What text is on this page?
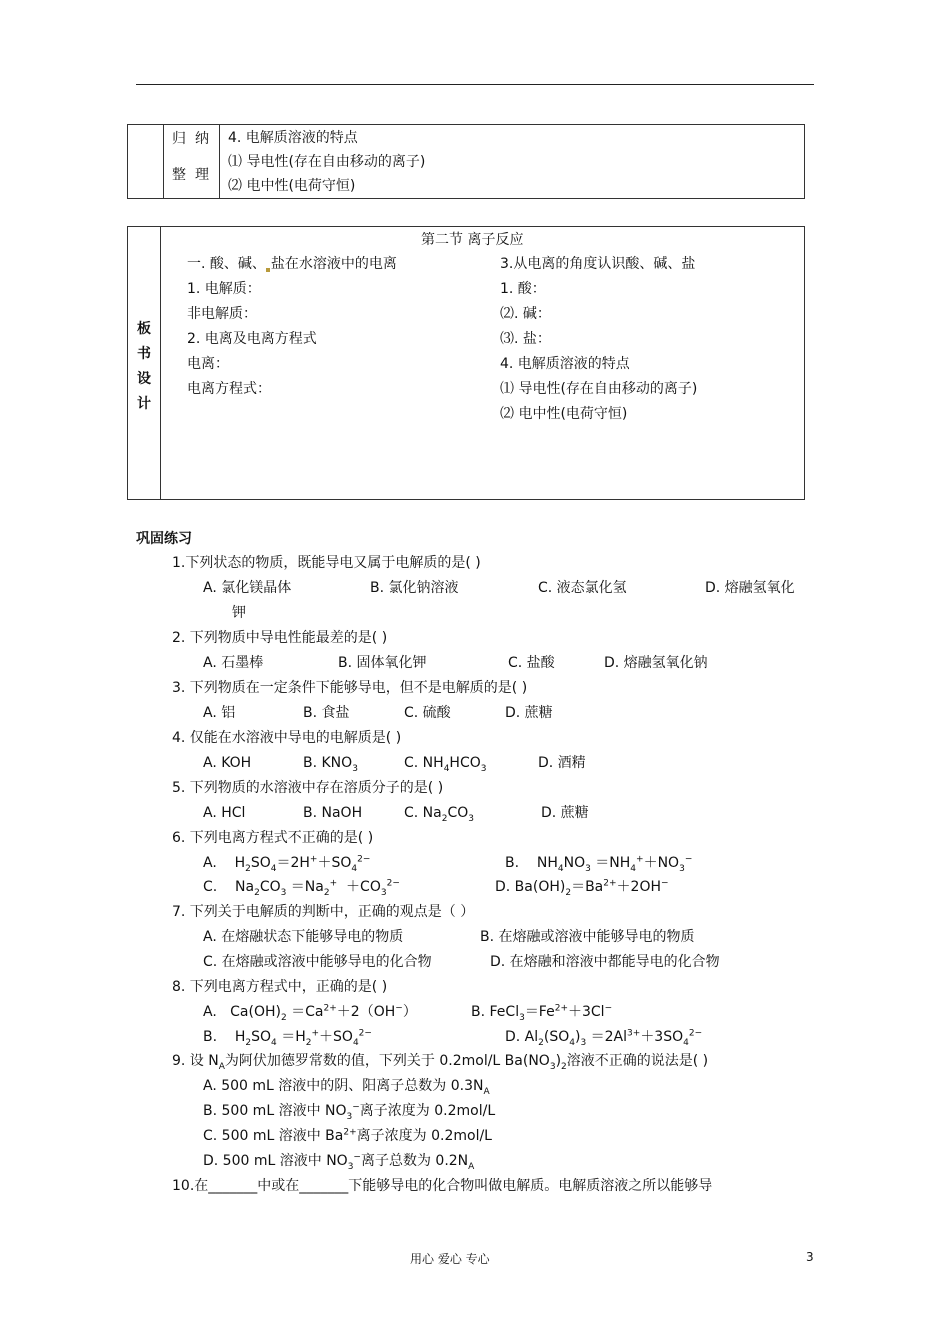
归纳
整理
4. 电解质溶液的特点
⑴ 导电性(存在自由移动的离子)
⑵ 电中性(电荷守恒)
板
书
设
计
第二节 离子反应
一. 酸、碱、 盐在水溶液中的电离
1. 电解质：
非电解质：
2. 电离及电离方程式
电离：
电离方程式：
3.从电离的角度认识酸、碱、盐
1. 酸：
⑵. 碱：
⑶. 盐：
4. 电解质溶液的特点
⑴ 导电性(存在自由移动的离子)
⑵ 电中性(电荷守恒)
巩固练习
1.下列状态的物质，既能导电又属于电解质的是( )
A. 氯化镁晶体	B. 氯化钠溶液	C. 液态氯化氢	D. 熔融氢氧化
钾
2. 下列物质中导电性能最差的是( )
A. 石墨棒	B. 固体氧化钾	C. 盐酸	D. 熔融氢氧化钠
3. 下列物质在一定条件下能够导电，但不是电解质的是( )
A. 铝	B. 食盐	C. 硫酸	D. 蔗糖
4. 仅能在水溶液中导电的电解质是( )
A. KOH	B. $KNO_3$	C. $NH_4HCO_3$	D. 酒精
5. 下列物质的水溶液中存在溶质分子的是( )
A. HCl	B. NaOH	C. $Na_2CO_3$	D. 蔗糖
6. 下列电离方程式不正确的是( )
A.    $H_2SO_4=2H^++SO_4^{2-}$	B.    $NH_4NO_3 =NH_4^++NO_3^-$
C.    $Na_2CO_3 =Na_2^+ +CO_3^{2-}$	D. $Ba(OH)_2=Ba^{2+}+2OH^-$
7. 下列关于电解质的判断中，正确的观点是（ ）
A. 在熔融状态下能够导电的物质	B. 在熔融或溶液中能够导电的物质
C. 在熔融或溶液中能够导电的化合物	D. 在熔融和溶液中都能导电的化合物
8. 下列电离方程式中，正确的是( )
A.   $Ca(OH)_2 =Ca^{2+}+2(OH^-)$	B. $FeCl_3=Fe^{2+}+3Cl^-$
B.    $H_2SO_4 =H_2^++SO_4^{2-}$	D. $Al_2(SO_4)_3 =2Al^{3+}+3SO_4^{2-}$
9. 设 $N_A$为阿伏加德罗常数的值，下列关于 0.2mol/L $Ba(NO_3)_2$溶液不正确的说法是( )
A. 500 mL 溶液中的阴、阳离子总数为 $0.3N_A$
B. 500 mL 溶液中 $NO_3^-$离子浓度为 0.2mol/L
C. 500 mL 溶液中 $Ba^{2+}$离子浓度为 0.2mol/L
D. 500 mL 溶液中 $NO_3^-$离子总数为 $0.2N_A$
10.在_______中或在_______下能够导电的化合物叫做电解质。电解质溶液之所以能够导
用心 爱心 专心	3
